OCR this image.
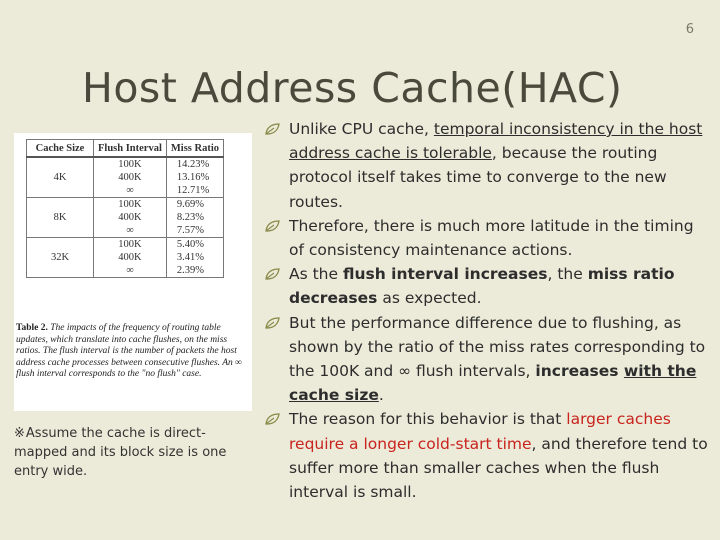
6
Host Address Cache(HAC)
Cache Size	Flush Interval	Miss Ratio
4K	100K	14.23%
	400K	13.16%
	∞	12.71%
8K	100K	9.69%
	400K	8.23%
	∞	7.57%
32K	100K	5.40%
	400K	3.41%
	∞	2.39%
Table 2. The impacts of the frequency of routing table updates, which translate into cache flushes, on the miss ratios. The flush interval is the number of packets the host address cache processes between consecutive flushes. An ∞ flush interval corresponds to the "no flush" case.
※Assume the cache is direct-mapped and its block size is one entry wide.
Unlike CPU cache, temporal inconsistency in the host address cache is tolerable, because the routing protocol itself takes time to converge to the new routes.
Therefore, there is much more latitude in the timing of consistency maintenance actions.
As the flush interval increases, the miss ratio decreases as expected.
But the performance difference due to flushing, as shown by the ratio of the miss rates corresponding to the 100K and ∞ flush intervals, increases with the cache size.
The reason for this behavior is that larger caches require a longer cold-start time, and therefore tend to suffer more than smaller caches when the flush interval is small.
